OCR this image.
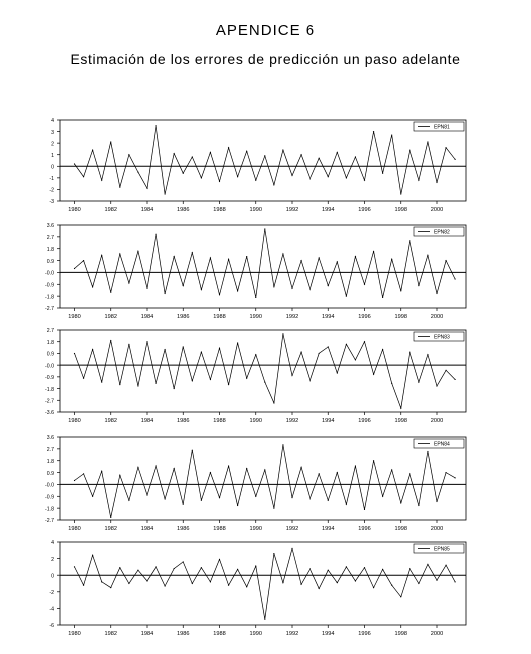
APENDICE 6
Estimación de los errores de predicción un paso adelante
4
3
2
1
0
-1
-2
-3
1980	1982	1984	1986	1988	1990	1992	1994	1996	1998	2000
EPN81
3.6
2.7
1.8
0.9
-0.0
-0.9
-1.8
-2.7
1980	1982	1984	1986	1988	1990	1992	1994	1996	1998	2000
EPN82
2.7
1.8
0.9
-0.0
-0.9
-1.8
-2.7
-3.6
1980	1982	1984	1986	1988	1990	1992	1994	1996	1998	2000
EPN83
3.6
2.7
1.8
0.9
-0.0
-0.9
-1.8
-2.7
1980	1982	1984	1986	1988	1990	1992	1994	1996	1998	2000
EPN84
4
2
0
-2
-4
-6
1980	1982	1984	1986	1988	1990	1992	1994	1996	1998	2000
EPN85
